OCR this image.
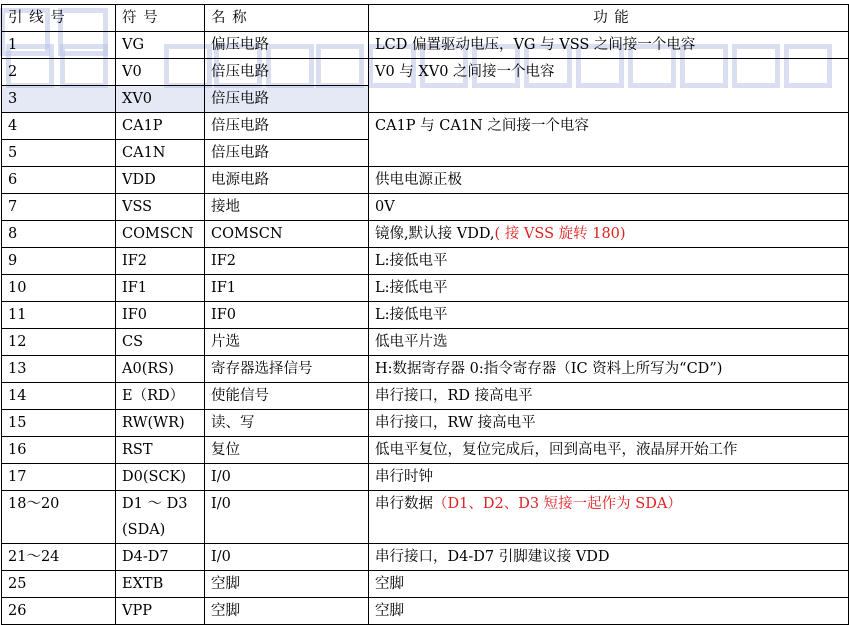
引 线 号	符 号	名 称	功 能
1	VG	偏压电路	LCD 偏置驱动电压，VG 与 VSS 之间接一个电容
2	V0	倍压电路	V0 与 XV0 之间接一个电容
3	XV0	倍压电路	
4	CA1P	倍压电路	CA1P 与 CA1N 之间接一个电容
5	CA1N	倍压电路	
6	VDD	电源电路	供电电源正极
7	VSS	接地	0V
8	COMSCN	COMSCN	镜像,默认接 VDD,( 接 VSS 旋转 180)
9	IF2	IF2	L:接低电平
10	IF1	IF1	L:接低电平
11	IF0	IF0	L:接低电平
12	CS	片选	低电平片选
13	A0(RS)	寄存器选择信号	H:数据寄存器 0:指令寄存器（IC 资料上所写为“CD”)
14	E（RD）	使能信号	串行接口，RD 接高电平
15	RW(WR)	读、写	串行接口，RW 接高电平
16	RST	复位	低电平复位，复位完成后，回到高电平，液晶屏开始工作
17	D0(SCK)	I/0	串行时钟
18～20	D1 ～ D3 (SDA)	I/0	串行数据（D1、D2、D3 短接一起作为 SDA）
21～24	D4-D7	I/0	串行接口，D4-D7 引脚建议接 VDD
25	EXTB	空脚	空脚
26	VPP	空脚	空脚
